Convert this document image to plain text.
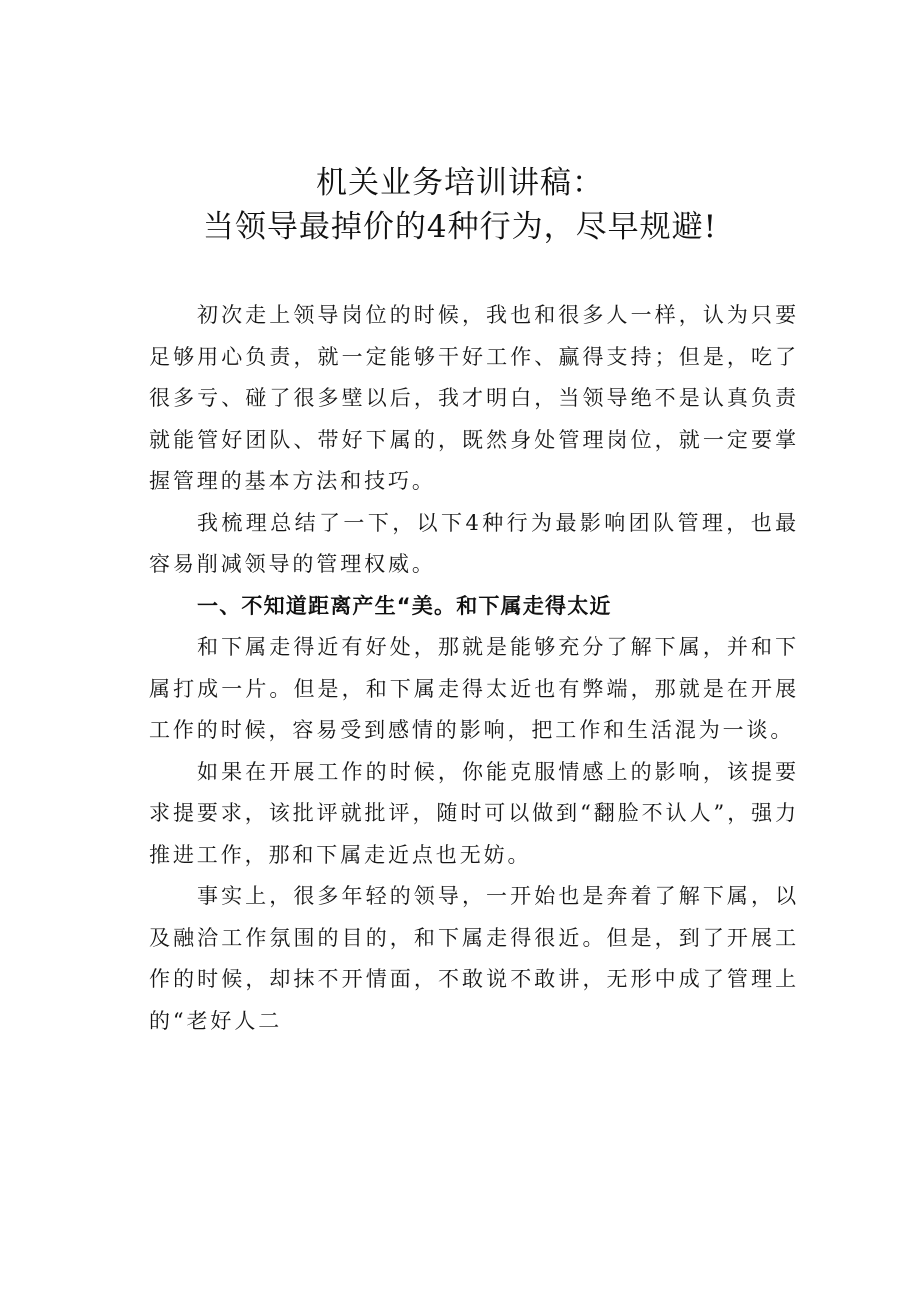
机关业务培训讲稿：
当领导最掉价的4种行为，尽早规避!

初次走上领导岗位的时候，我也和很多人一样，认为只要足够用心负责，就一定能够干好工作、赢得支持；但是，吃了很多亏、碰了很多壁以后，我才明白，当领导绝不是认真负责就能管好团队、带好下属的，既然身处管理岗位，就一定要掌握管理的基本方法和技巧。

我梳理总结了一下，以下4种行为最影响团队管理，也最容易削减领导的管理权威。

一、不知道距离产生“美。和下属走得太近

和下属走得近有好处，那就是能够充分了解下属，并和下属打成一片。但是，和下属走得太近也有弊端，那就是在开展工作的时候，容易受到感情的影响，把工作和生活混为一谈。

如果在开展工作的时候，你能克服情感上的影响，该提要求提要求，该批评就批评，随时可以做到“翻脸不认人”，强力推进工作，那和下属走近点也无妨。

事实上，很多年轻的领导，一开始也是奔着了解下属，以及融洽工作氛围的目的，和下属走得很近。但是，到了开展工作的时候，却抹不开情面，不敢说不敢讲，无形中成了管理上的“老好人二
